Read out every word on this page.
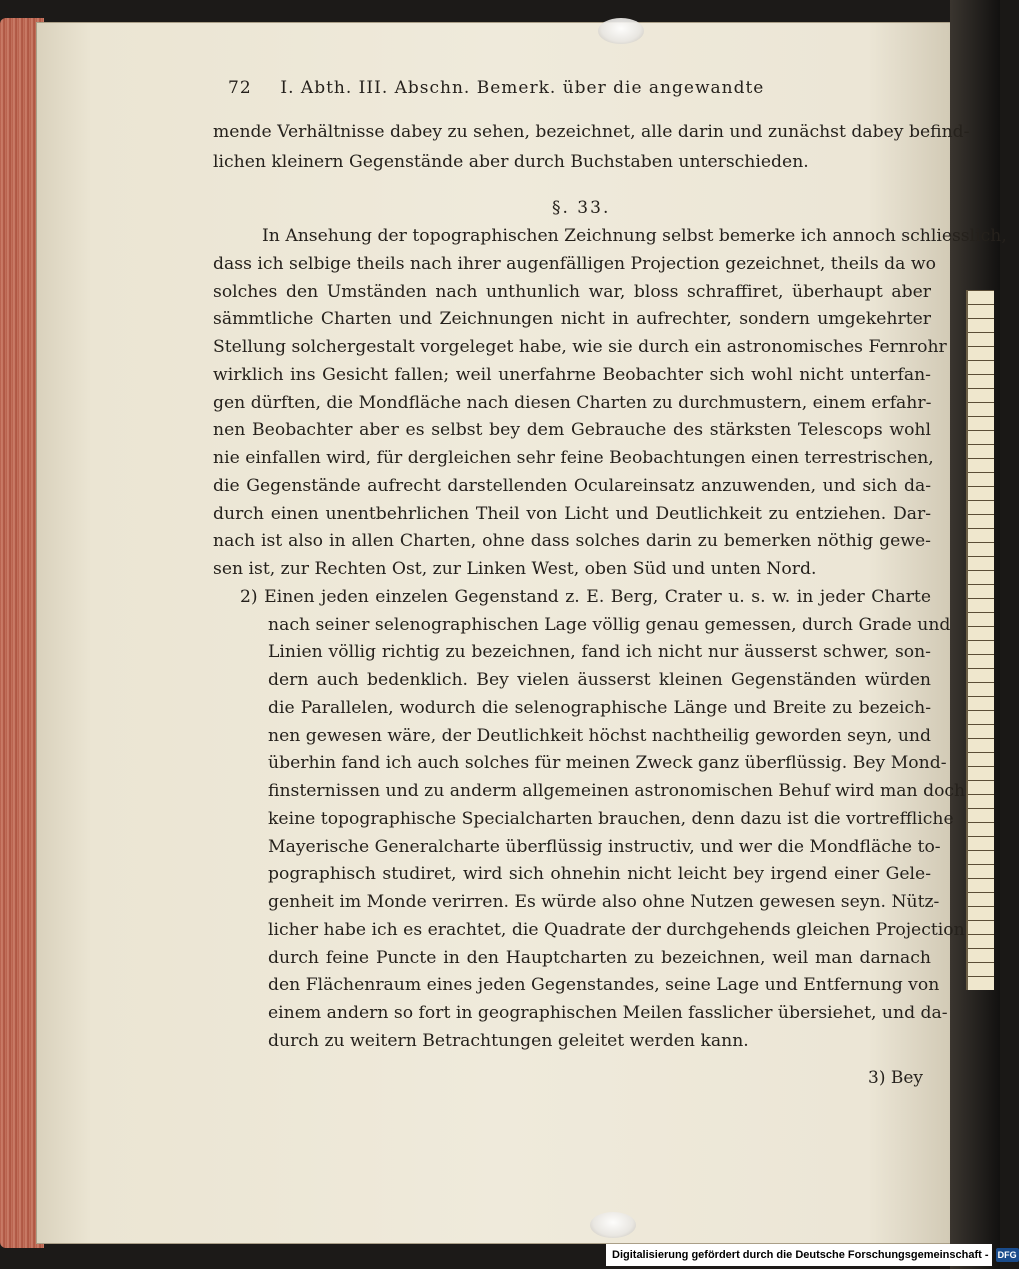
72 I. Abth. III. Abschn. Bemerk. über die angewandte
mende Verhältnisse dabey zu sehen, bezeichnet, alle darin und zunächst dabey befind-
lichen kleinern Gegenstände aber durch Buchstaben unterschieden.
§. 33.
In Ansehung der topographischen Zeichnung selbst bemerke ich annoch schliesslich,
dass ich selbige theils nach ihrer augenfälligen Projection gezeichnet, theils da wo
solches den Umständen nach unthunlich war, bloss schraffiret, überhaupt aber
sämmtliche Charten und Zeichnungen nicht in aufrechter, sondern umgekehrter
Stellung solchergestalt vorgeleget habe, wie sie durch ein astronomisches Fernrohr
wirklich ins Gesicht fallen; weil unerfahrne Beobachter sich wohl nicht unterfan-
gen dürften, die Mondfläche nach diesen Charten zu durchmustern, einem erfahr-
nen Beobachter aber es selbst bey dem Gebrauche des stärksten Telescops wohl
nie einfallen wird, für dergleichen sehr feine Beobachtungen einen terrestrischen,
die Gegenstände aufrecht darstellenden Oculareinsatz anzuwenden, und sich da-
durch einen unentbehrlichen Theil von Licht und Deutlichkeit zu entziehen. Dar-
nach ist also in allen Charten, ohne dass solches darin zu bemerken nöthig gewe-
sen ist, zur Rechten Ost, zur Linken West, oben Süd und unten Nord.
2) Einen jeden einzelen Gegenstand z. E. Berg, Crater u. s. w. in jeder Charte
nach seiner selenographischen Lage völlig genau gemessen, durch Grade und
Linien völlig richtig zu bezeichnen, fand ich nicht nur äusserst schwer, son-
dern auch bedenklich. Bey vielen äusserst kleinen Gegenständen würden
die Parallelen, wodurch die selenographische Länge und Breite zu bezeich-
nen gewesen wäre, der Deutlichkeit höchst nachtheilig geworden seyn, und
überhin fand ich auch solches für meinen Zweck ganz überflüssig. Bey Mond-
finsternissen und zu anderm allgemeinen astronomischen Behuf wird man doch
keine topographische Specialcharten brauchen, denn dazu ist die vortreffliche
Mayerische Generalcharte überflüssig instructiv, und wer die Mondfläche to-
pographisch studiret, wird sich ohnehin nicht leicht bey irgend einer Gele-
genheit im Monde verirren. Es würde also ohne Nutzen gewesen seyn. Nütz-
licher habe ich es erachtet, die Quadrate der durchgehends gleichen Projection
durch feine Puncte in den Hauptcharten zu bezeichnen, weil man darnach
den Flächenraum eines jeden Gegenstandes, seine Lage und Entfernung von
einem andern so fort in geographischen Meilen fasslicher übersiehet, und da-
durch zu weitern Betrachtungen geleitet werden kann.
3) Bey
Digitalisierung gefördert durch die Deutsche Forschungsgemeinschaft - DFG
